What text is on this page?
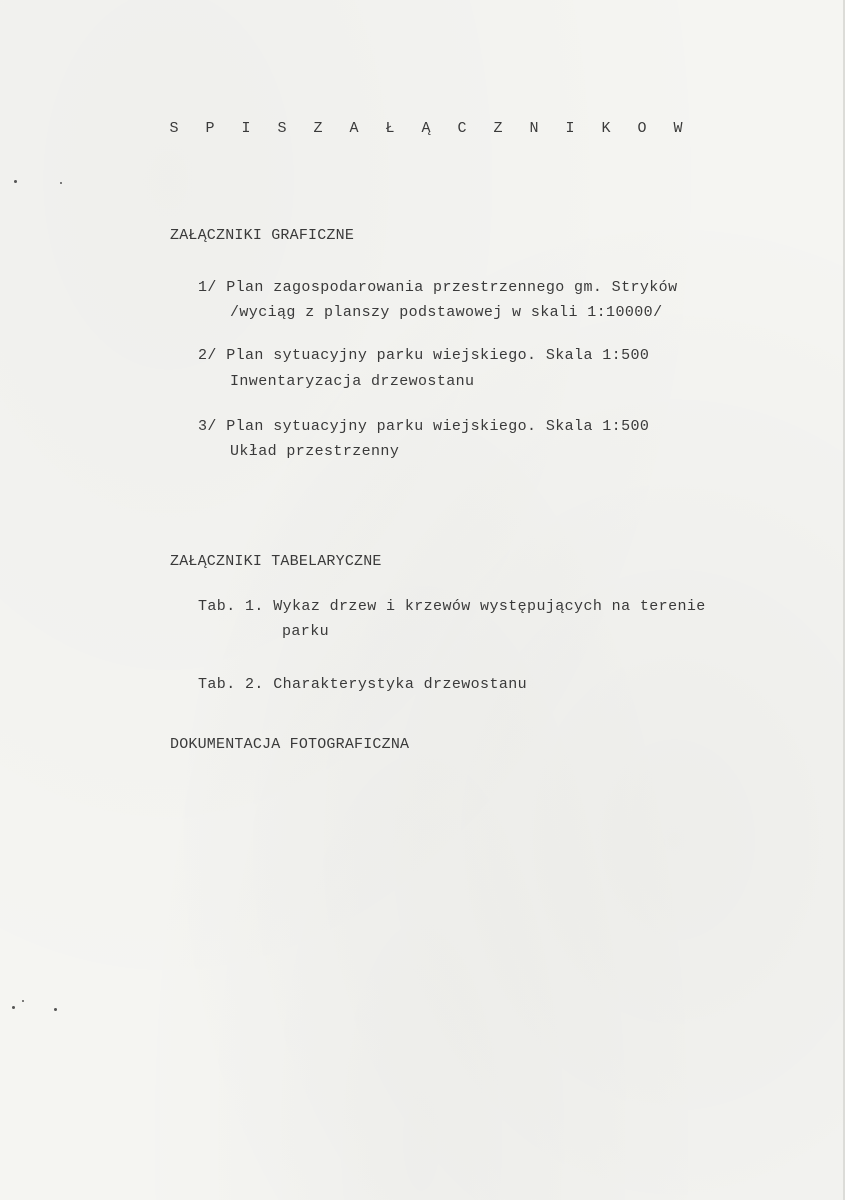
S P I S Z A Ł Ą C Z N I K O W
ZAŁĄCZNIKI GRAFICZNE
1/ Plan zagospodarowania przestrzennego gm. Stryków
/wyciąg z planszy podstawowej w skali 1:10000/
2/ Plan sytuacyjny parku wiejskiego. Skala 1:500
Inwentaryzacja drzewostanu
3/ Plan sytuacyjny parku wiejskiego. Skala 1:500
Układ przestrzenny
ZAŁĄCZNIKI TABELARYCZNE
Tab. 1. Wykaz drzew i krzewów występujących na terenie
parku
Tab. 2. Charakterystyka drzewostanu
DOKUMENTACJA FOTOGRAFICZNA
